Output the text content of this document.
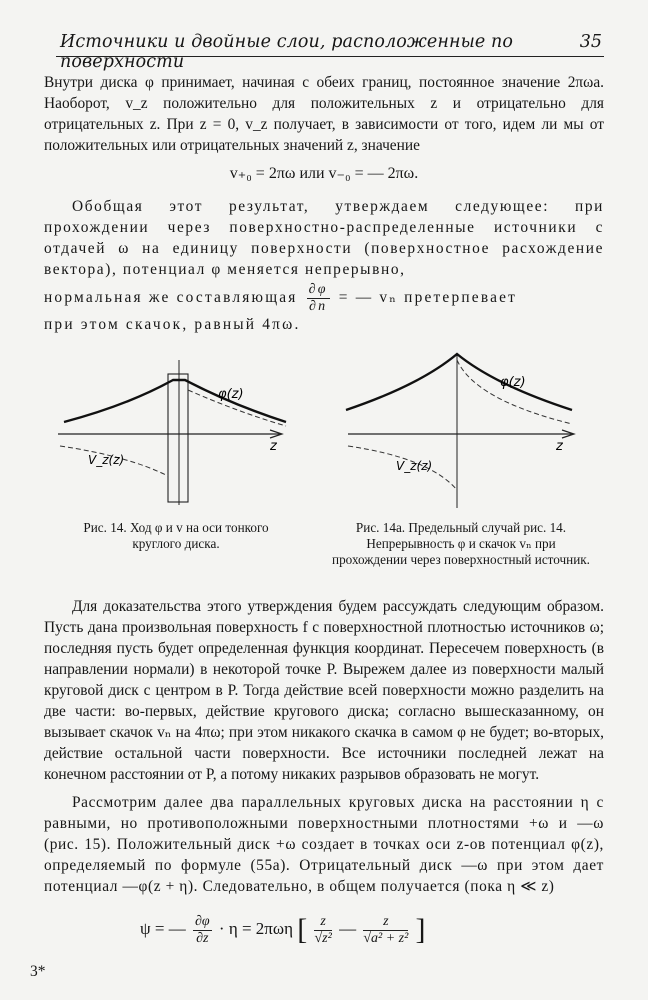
Источники и двойные слои, расположенные по поверхности
35

Внутри диска φ принимает, начиная с обеих границ, постоянное значение 2πωa. Наоборот, v_z положительно для положительных z и отрицательно для отрицательных z. При z = 0, v_z получает, в зависимости от того, идем ли мы от положительных или отрицательных значений z, значение

v₊₀ = 2πω или v₋₀ = — 2πω.

Обобщая этот результат, утверждаем следующее: при прохождении через поверхностно-распределенные источники с отдачей ω на единицу поверхности (поверхностное расхождение вектора), потенциал φ меняется непрерывно,

нормальная же составляющая $\frac{\partial\varphi}{\partial n}$ = — vₙ претерпевает
при этом скачок, равный 4πω.
φ(z)
z
V_z(z)
φ(z)
z
V_z(z)
Рис. 14. Ход φ и v на оси тонкого круглого диска.
Рис. 14а. Предельный случай рис. 14. Непрерывность φ и скачок vₙ при прохождении через поверхностный источник.

Для доказательства этого утверждения будем рассуждать следующим образом. Пусть дана произвольная поверхность f с поверхностной плотностью источников ω; последняя пусть будет определенная функция координат. Пересечем поверхность (в направлении нормали) в некоторой точке P. Вырежем далее из поверхности малый круговой диск с центром в P. Тогда действие всей поверхности можно разделить на две части: во-первых, действие кругового диска; согласно вышесказанному, он вызывает скачок vₙ на 4πω; при этом никакого скачка в самом φ не будет; во-вторых, действие остальной части поверхности. Все источники последней лежат на конечном расстоянии от P, а потому никаких разрывов образовать не могут.

Рассмотрим далее два параллельных круговых диска на расстоянии η с равными, но противоположными поверхностными плотностями +ω и —ω (рис. 15). Положительный диск +ω создает в точках оси z-ов потенциал φ(z), определяемый по формуле (55a). Отрицательный диск —ω при этом дает потенциал —φ(z + η). Следовательно, в общем получается (пока η ≪ z)

ψ = — $\frac{\partial\varphi}{\partial z} \cdot \eta = 2\pi\omega\eta$ [ $\frac{z}{\text{√z²}}$ — $\frac{z}{\text{√a² + z²}}$ ]
3*
